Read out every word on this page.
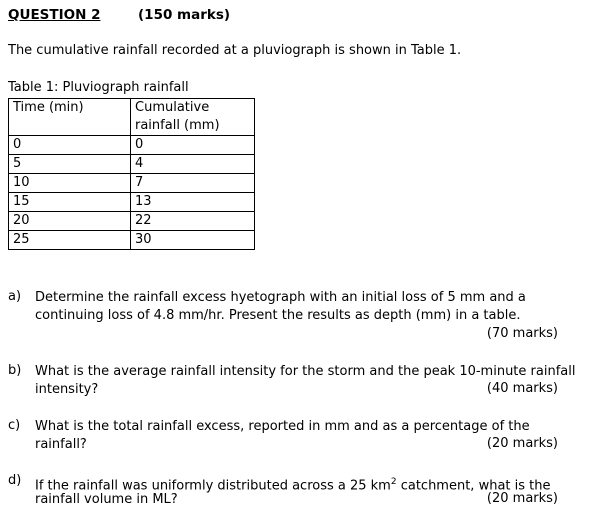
QUESTION 2	(150 marks)
The cumulative rainfall recorded at a pluviograph is shown in Table 1.
Table 1: Pluviograph rainfall
Time (min)	Cumulative
rainfall (mm)
0	0
5	4
10	7
15	13
20	22
25	30
a) Determine the rainfall excess hyetograph with an initial loss of 5 mm and a
continuing loss of 4.8 mm/hr. Present the results as depth (mm) in a table.
(70 marks)
b) What is the average rainfall intensity for the storm and the peak 10-minute rainfall
intensity?	(40 marks)
c) What is the total rainfall excess, reported in mm and as a percentage of the
rainfall?	(20 marks)
d) If the rainfall was uniformly distributed across a 25 $km^2$ catchment, what is the
rainfall volume in ML?	(20 marks)
